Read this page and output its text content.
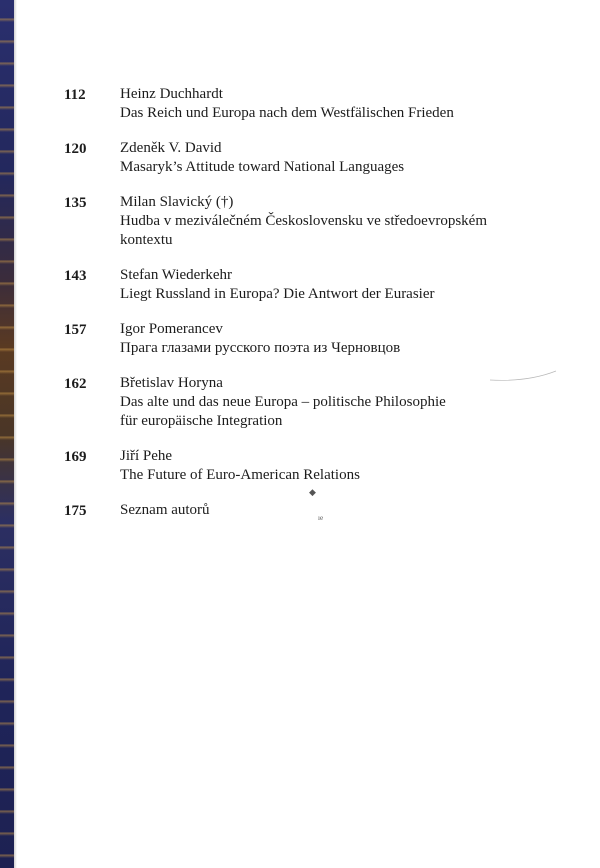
◆
ıe
112	Heinz Duchhardt
Das Reich und Europa nach dem Westfälischen Frieden
120	Zdeněk V. David
Masaryk’s Attitude toward National Languages
135	Milan Slavický (†)
Hudba v meziválečném Československu ve středoevropském
kontextu
143	Stefan Wiederkehr
Liegt Russland in Europa? Die Antwort der Eurasier
157	Igor Pomerancev
Прага глазами русского поэта из Черновцов
162	Břetislav Horyna
Das alte und das neue Europa – politische Philosophie
für europäische Integration
169	Jiří Pehe
The Future of Euro-American Relations
175	Seznam autorů
